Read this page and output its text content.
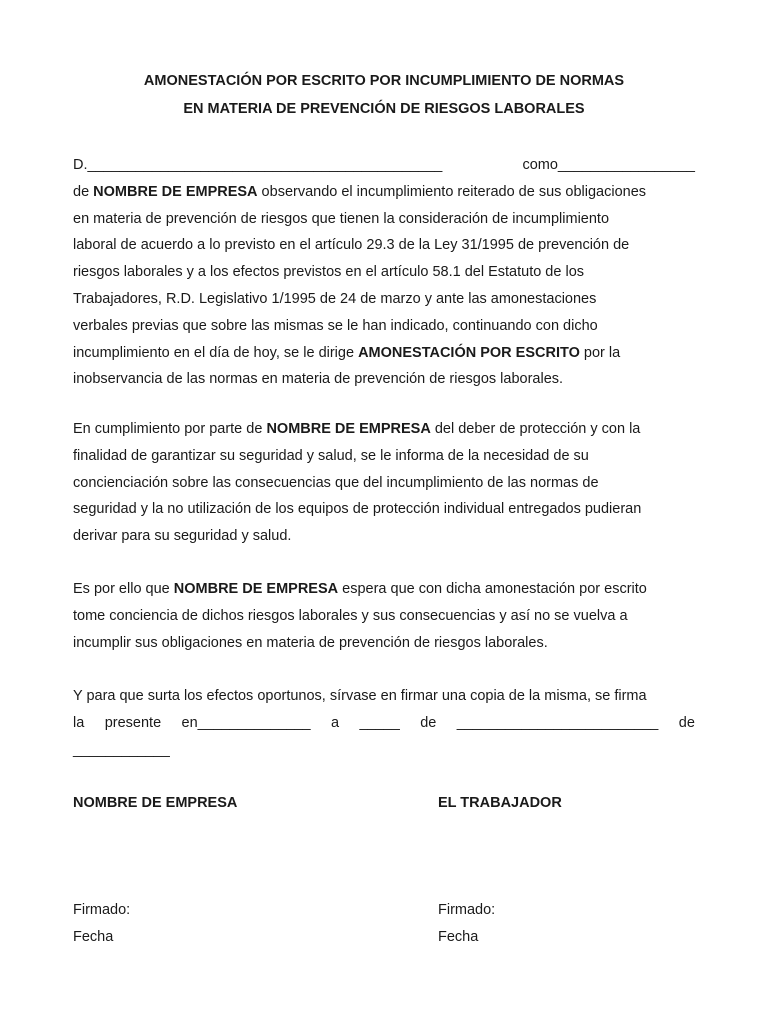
AMONESTACIÓN POR ESCRITO POR INCUMPLIMIENTO DE NORMAS
EN MATERIA DE PREVENCIÓN DE RIESGOS LABORALES
D.____________________________________________	como_________________
de NOMBRE DE EMPRESA observando el incumplimiento reiterado de sus obligaciones
en materia de prevención de riesgos que tienen la consideración de incumplimiento
laboral de acuerdo a lo previsto en el artículo 29.3 de la Ley 31/1995 de prevención de
riesgos laborales y a los efectos previstos en el artículo 58.1 del Estatuto de los
Trabajadores, R.D. Legislativo 1/1995 de 24 de marzo y ante las amonestaciones
verbales previas que sobre las mismas se le han indicado, continuando con dicho
incumplimiento en el día de hoy, se le dirige AMONESTACIÓN POR ESCRITO por la
inobservancia de las normas en materia de prevención de riesgos laborales.
En cumplimiento por parte de NOMBRE DE EMPRESA del deber de protección y con la
finalidad de garantizar su seguridad y salud, se le informa de la necesidad de su
concienciación sobre las consecuencias que del incumplimiento de las normas de
seguridad y la no utilización de los equipos de protección individual entregados pudieran
derivar para su seguridad y salud.
Es por ello que NOMBRE DE EMPRESA espera que con dicha amonestación por escrito
tome conciencia de dichos riesgos laborales y sus consecuencias y así no se vuelva a
incumplir sus obligaciones en materia de prevención de riesgos laborales.
Y para que surta los efectos oportunos, sírvase en firmar una copia de la misma, se firma
la presente en______________ a _____ de _________________________ de
____________
NOMBRE DE EMPRESA	EL TRABAJADOR
Firmado:	Firmado:
Fecha	Fecha
